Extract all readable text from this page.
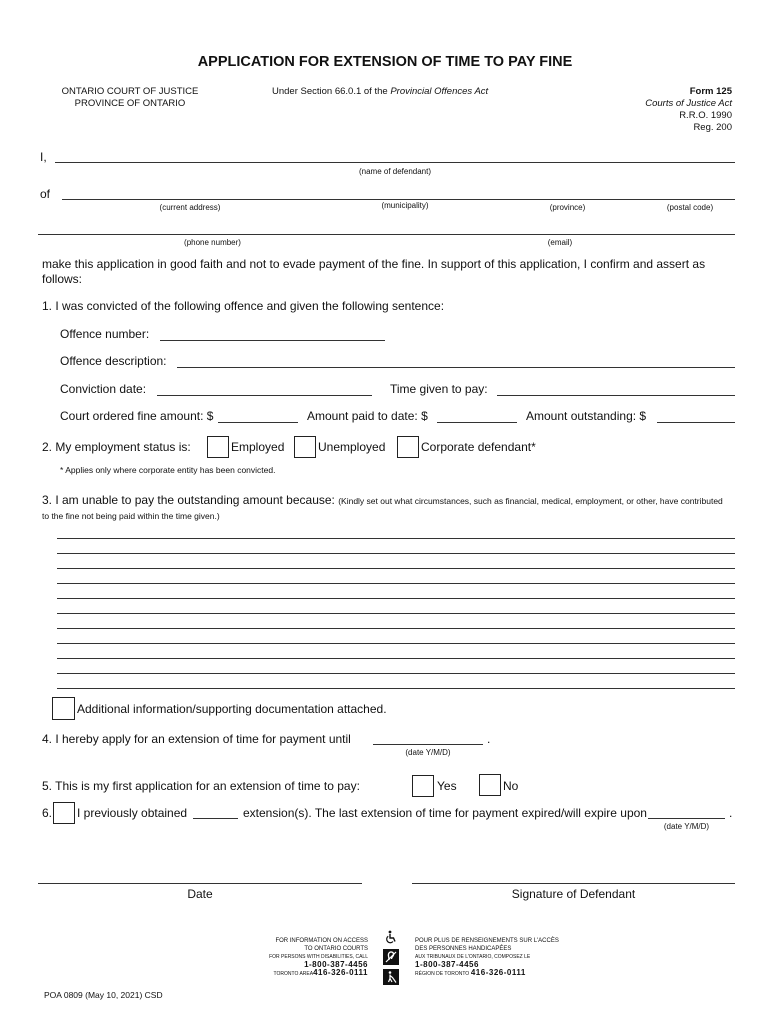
APPLICATION FOR EXTENSION OF TIME TO PAY FINE
ONTARIO COURT OF JUSTICE
PROVINCE OF ONTARIO
Under Section 66.0.1 of the Provincial Offences Act	Form 125
Courts of Justice Act
R.R.O. 1990
Reg. 200
I,
(name of defendant)
of
(current address)	(municipality)	(province)	(postal code)
(phone number)	(email)
make this application in good faith and not to evade payment of the fine. In support of this application, I confirm and assert as follows:
1. I was convicted of the following offence and given the following sentence:
Offence number:
Offence description:
Conviction date:	Time given to pay:
Court ordered fine amount: $	Amount paid to date: $	Amount outstanding: $
2. My employment status is:	Employed	Unemployed	Corporate defendant*
* Applies only where corporate entity has been convicted.
3. I am unable to pay the outstanding amount because: (Kindly set out what circumstances, such as financial, medical, employment, or other, have contributed to the fine not being paid within the time given.)
Additional information/supporting documentation attached.
4. I hereby apply for an extension of time for payment until	.
(date Y/M/D)
5. This is my first application for an extension of time to pay:	Yes	No
6. I previously obtained	extension(s). The last extension of time for payment expired/will expire upon	.
(date Y/M/D)
Date	Signature of Defendant
FOR INFORMATION ON ACCESS
TO ONTARIO COURTS
FOR PERSONS WITH DISABILITIES, CALL
1-800-387-4456
TORONTO AREA416-326-0111
POUR PLUS DE RENSEIGNEMENTS SUR L'ACCÈS
DES PERSONNES HANDICAPÉES
AUX TRIBUNAUX DE L'ONTARIO, COMPOSEZ LE
1-800-387-4456
RÉGION DE TORONTO 416-326-0111
POA 0809 (May 10, 2021) CSD
